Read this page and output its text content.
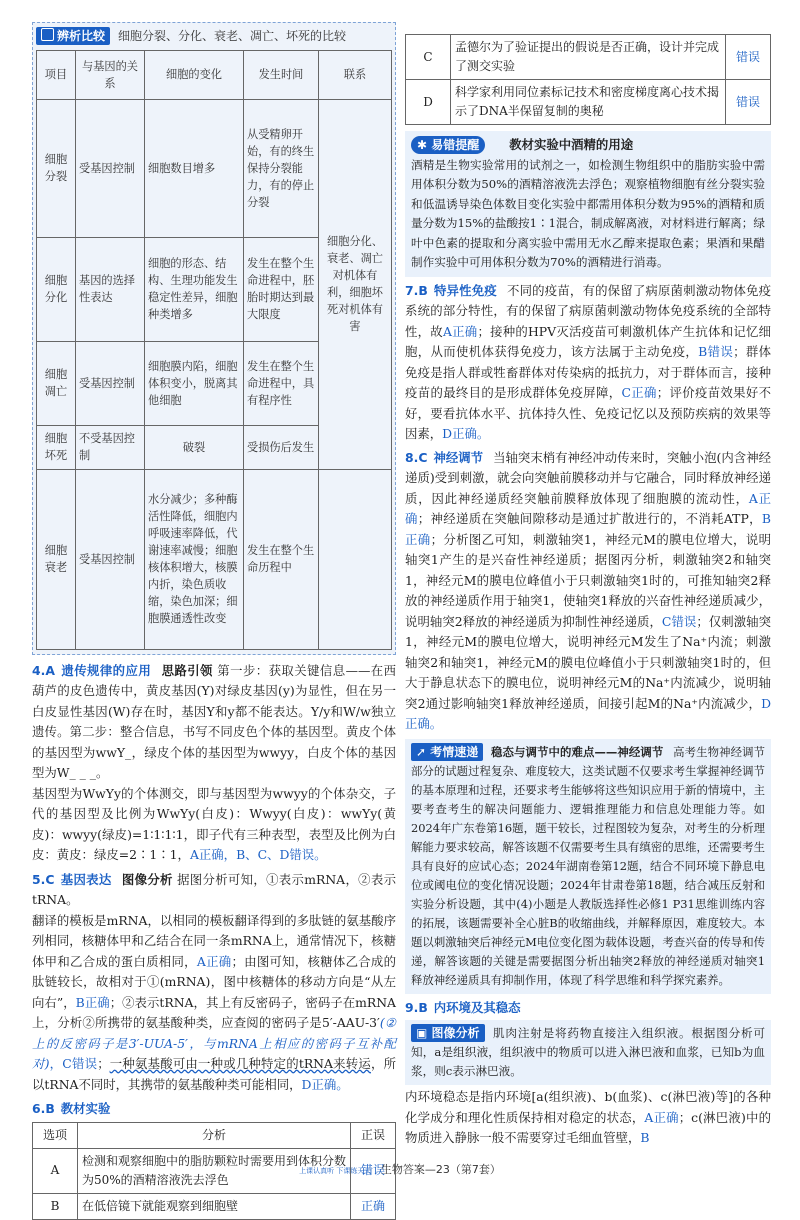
辨析比较 细胞分裂、分化、衰老、凋亡、坏死的比较
项目	与基因的关系	细胞的变化	发生时间	联系
细胞分裂	受基因控制	细胞数目增多	从受精卵开始，有的终生保持分裂能力，有的停止分裂	细胞分化、衰老、凋亡对机体有利，细胞坏死对机体有害
细胞分化	基因的选择性表达	细胞的形态、结构、生理功能发生稳定性差异，细胞种类增多	发生在整个生命进程中，胚胎时期达到最大限度	
细胞凋亡	受基因控制	细胞膜内陷，细胞体积变小，脱离其他细胞	发生在整个生命进程中，具有程序性	
细胞坏死	不受基因控制	破裂	受损伤后发生	
细胞衰老	受基因控制	水分减少；多种酶活性降低，细胞内呼吸速率降低，代谢速率减慢；细胞核体积增大，核膜内折，染色质收缩，染色加深；细胞膜通透性改变	发生在整个生命历程中	

4.A 遗传规律的应用 思路引领 第一步：获取关键信息——在西葫芦的皮色遗传中，黄皮基因(Y)对绿皮基因(y)为显性，但在另一白皮显性基因(W)存在时，基因Y和y都不能表达。Y/y和W/w独立遗传。第二步：整合信息，书写不同皮色个体的基因型。黄皮个体的基因型为wwY_，绿皮个体的基因型为wwyy，白皮个体的基因型为W_ _ _。

基因型为WwYy的个体测交，即与基因型为wwyy的个体杂交，子代的基因型及比例为WwYy(白皮)：Wwyy(白皮)：wwYy(黄皮)：wwyy(绿皮)=1∶1∶1∶1，即子代有三种表型，表型及比例为白皮：黄皮：绿皮=2∶1∶1，A正确，B、C、D错误。

5.C 基因表达 图像分析 据图分析可知，①表示mRNA，②表示tRNA。

翻译的模板是mRNA，以相同的模板翻译得到的多肽链的氨基酸序列相同，核糖体甲和乙结合在同一条mRNA上，通常情况下，核糖体甲和乙合成的蛋白质相同，A正确；由图可知，核糖体乙合成的肽链较长，故相对于①(mRNA)，图中核糖体的移动方向是“从左向右”，B正确；②表示tRNA，其上有反密码子，密码子在mRNA上，分析②所携带的氨基酸种类，应查阅的密码子是5′-AAU-3′(②上的反密码子是3′-UUA-5′，与mRNA上相应的密码子互补配对)，C错误；一种氨基酸可由一种或几种特定的tRNA来转运，所以tRNA不同时，其携带的氨基酸种类可能相同，D正确。

6.B 教材实验

选项	分析	正误
A	检测和观察细胞中的脂肪颗粒时需要用到体积分数为50%的酒精溶液洗去浮色	错误
B	在低倍镜下就能观察到细胞壁	正确
C	孟德尔为了验证提出的假说是否正确，设计并完成了测交实验	错误
D	科学家利用同位素标记技术和密度梯度离心技术揭示了DNA半保留复制的奥秘	错误
✱ 易错提醒 教材实验中酒精的用途

酒精是生物实验常用的试剂之一，如检测生物组织中的脂肪实验中需用体积分数为50%的酒精溶液洗去浮色；观察植物细胞有丝分裂实验和低温诱导染色体数目变化实验中都需用体积分数为95%的酒精和质量分数为15%的盐酸按1∶1混合，制成解离液，对材料进行解离；绿叶中色素的提取和分离实验中需用无水乙醇来提取色素；果酒和果醋制作实验中可用体积分数为70%的酒精进行消毒。

7.B 特异性免疫 不同的疫苗，有的保留了病原菌刺激动物体免疫系统的部分特性，有的保留了病原菌刺激动物体免疫系统的全部特性，故A正确；接种的HPV灭活疫苗可刺激机体产生抗体和记忆细胞，从而使机体获得免疫力，该方法属于主动免疫，B错误；群体免疫是指人群或牲畜群体对传染病的抵抗力，对于群体而言，接种疫苗的最终目的是形成群体免疫屏障，C正确；评价疫苗效果好不好，要看抗体水平、抗体持久性、免疫记忆以及预防疾病的效果等因素，D正确。

8.C 神经调节 当轴突末梢有神经冲动传来时，突触小泡(内含神经递质)受到刺激，就会向突触前膜移动并与它融合，同时释放神经递质，因此神经递质经突触前膜释放体现了细胞膜的流动性，A正确；神经递质在突触间隙移动是通过扩散进行的，不消耗ATP，B正确；分析图乙可知，刺激轴突1，神经元M的膜电位增大，说明轴突1产生的是兴奋性神经递质；据图丙分析，刺激轴突2和轴突1，神经元M的膜电位峰值小于只刺激轴突1时的，可推知轴突2释放的神经递质作用于轴突1，使轴突1释放的兴奋性神经递质减少，说明轴突2释放的神经递质为抑制性神经递质，C错误；仅刺激轴突1，神经元M的膜电位增大，说明神经元M发生了Na⁺内流；刺激轴突2和轴突1，神经元M的膜电位峰值小于只刺激轴突1时的，但大于静息状态下的膜电位，说明神经元M的Na⁺内流减少，说明轴突2通过影响轴突1释放神经递质，间接引起M的Na⁺内流减少，D正确。

➚ 考情速递 稳态与调节中的难点——神经调节 高考生物神经调节部分的试题过程复杂、难度较大，这类试题不仅要求考生掌握神经调节的基本原理和过程，还要求考生能够将这些知识应用于新的情境中，主要考查考生的解决问题能力、逻辑推理能力和信息处理能力等。如2024年广东卷第16题，题干较长，过程图较为复杂，对考生的分析理解能力要求较高，解答该题不仅需要考生具有缜密的思维，还需要考生具有良好的应试心态；2024年湖南卷第12题，结合不同环境下静息电位或阈电位的变化情况设题；2024年甘肃卷第18题，结合减压反射和实验分析设题，其中(4)小题是人教版选择性必修1 P31思维训练内容的拓展，该题需要补全心脏B的收缩曲线，并解释原因，难度较大。本题以刺激轴突后神经元M电位变化图为载体设题，考查兴奋的传导和传递，解答该题的关键是需要据图分析出轴突2释放的神经递质对轴突1释放神经递质具有抑制作用，体现了科学思维和科学探究素养。

9.B 内环境及其稳态

▣ 图像分析 肌肉注射是将药物直接注入组织液。根据图分析可知，a是组织液，组织液中的物质可以进入淋巴液和血浆，已知b为血浆，则c表示淋巴液。

内环境稳态是指内环境[a(组织液)、b(血浆)、c(淋巴液)等]的各种化学成分和理化性质保持相对稳定的状态，A正确；c(淋巴液)中的物质进入静脉一般不需要穿过毛细血管壁，B

上课认真听 下课练天天 生物答案—23（第7套）
